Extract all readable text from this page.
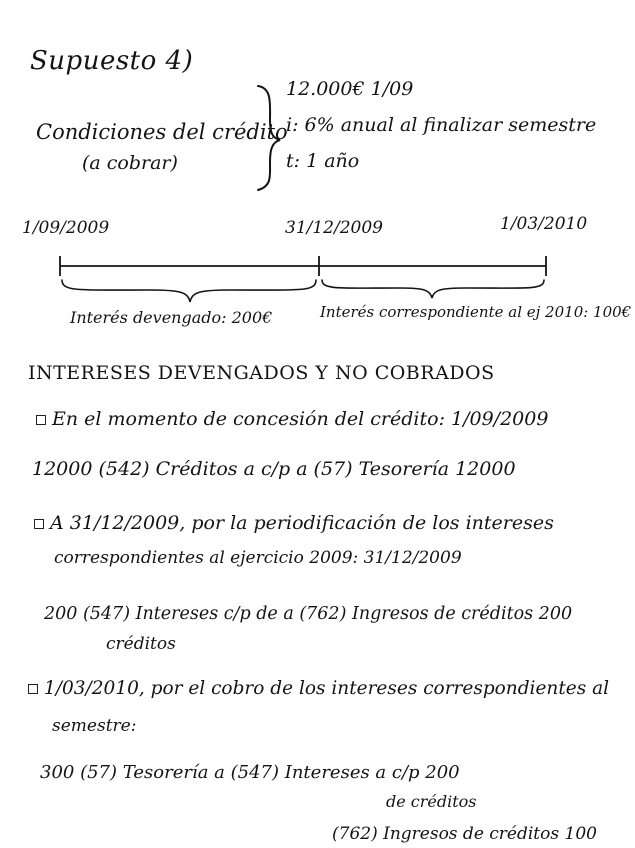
Supuesto 4)
Condiciones del crédito
(a cobrar)
12.000€ 1/09
i: 6% anual al finalizar semestre
t: 1 año
1/09/2009	31/12/2009	1/03/2010
Interés devengado: 200€	Interés correspondiente al ej 2010: 100€
INTERESES DEVENGADOS Y NO COBRADOS
En el momento de concesión del crédito: 1/09/2009
12000 (542) Créditos a c/p a (57) Tesorería 12000
A 31/12/2009, por la periodificación de los intereses
correspondientes al ejercicio 2009: 31/12/2009
200 (547) Intereses c/p de a (762) Ingresos de créditos 200
créditos
1/03/2010, por el cobro de los intereses correspondientes al
semestre:
300 (57) Tesorería a (547) Intereses a c/p 200
de créditos
(762) Ingresos de créditos 100
